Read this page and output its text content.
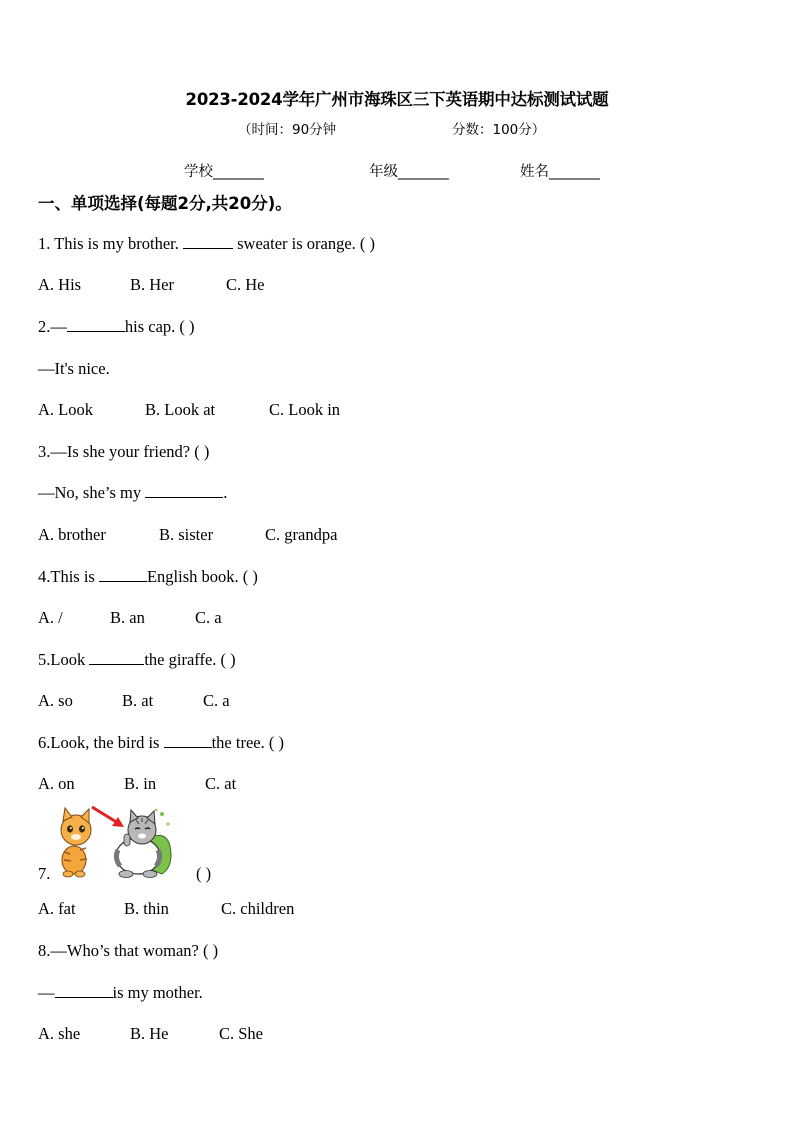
2023-2024学年广州市海珠区三下英语期中达标测试试题
（时间：90分钟	分数：100分）
学校_______	年级_______	姓名_______
一、单项选择(每题2分,共20分)。
1. This is my brother.	sweater is orange. ( )
A. His	B. Her	C. He
2.—	his cap. ( )
—It's nice.
A. Look	B. Look at	C. Look in
3.—Is she your friend? ( )
—No, she’s my	.
A. brother	B. sister	C. grandpa
4.This is	English book. ( )
A. /	B. an	C. a
5.Look	the giraffe. ( )
A. so	B. at	C. a
6.Look, the bird is	the tree. ( )
A. on	B. in	C. at
7.	( )
A. fat	B. thin	C. children
8.—Who’s that woman? ( )
—	is my mother.
A. she	B. He	C. She
